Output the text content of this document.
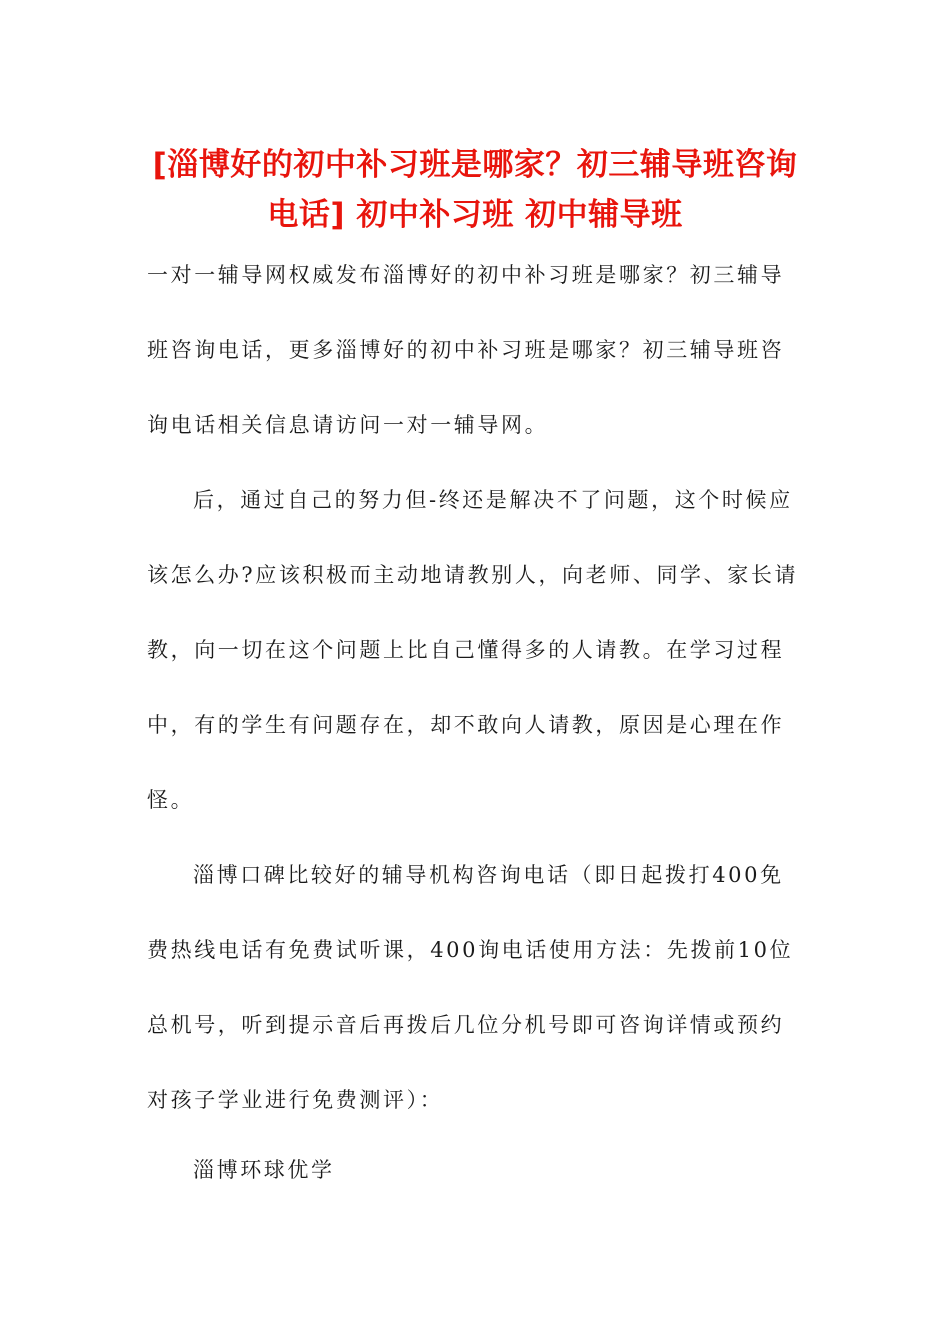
[淄博好的初中补习班是哪家？初三辅导班咨询电话] 初中补习班 初中辅导班

一对一辅导网权威发布淄博好的初中补习班是哪家？初三辅导班咨询电话，更多淄博好的初中补习班是哪家？初三辅导班咨询电话相关信息请访问一对一辅导网。

后，通过自己的努力但-终还是解决不了问题，这个时候应该怎么办?应该积极而主动地请教别人，向老师、同学、家长请教，向一切在这个问题上比自己懂得多的人请教。在学习过程中，有的学生有问题存在，却不敢向人请教，原因是心理在作怪。

淄博口碑比较好的辅导机构咨询电话（即日起拨打400免费热线电话有免费试听课，400询电话使用方法：先拨前10位总机号，听到提示音后再拨后几位分机号即可咨询详情或预约对孩子学业进行免费测评）：

淄博环球优学
